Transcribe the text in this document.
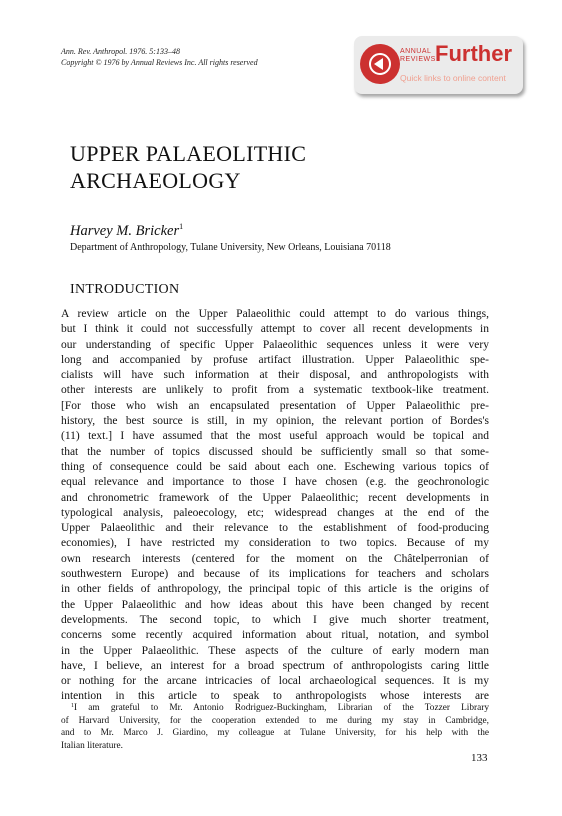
Ann. Rev. Anthropol. 1976. 5:133–48
Copyright © 1976 by Annual Reviews Inc. All rights reserved
ANNUAL
REVIEWS Further
Quick links to online content
UPPER PALAEOLITHIC
ARCHAEOLOGY
Harvey M. Bricker$^1$
Department of Anthropology, Tulane University, New Orleans, Louisiana 70118
INTRODUCTION
A review article on the Upper Palaeolithic could attempt to do various things,
but I think it could not successfully attempt to cover all recent developments in
our understanding of specific Upper Palaeolithic sequences unless it were very
long and accompanied by profuse artifact illustration. Upper Palaeolithic spe-
cialists will have such information at their disposal, and anthropologists with
other interests are unlikely to profit from a systematic textbook-like treatment.
[For those who wish an encapsulated presentation of Upper Palaeolithic pre-
history, the best source is still, in my opinion, the relevant portion of Bordes's
(11) text.] I have assumed that the most useful approach would be topical and
that the number of topics discussed should be sufficiently small so that some-
thing of consequence could be said about each one. Eschewing various topics of
equal relevance and importance to those I have chosen (e.g. the geochronologic
and chronometric framework of the Upper Palaeolithic; recent developments in
typological analysis, paleoecology, etc; widespread changes at the end of the
Upper Palaeolithic and their relevance to the establishment of food-producing
economies), I have restricted my consideration to two topics. Because of my
own research interests (centered for the moment on the Châtelperronian of
southwestern Europe) and because of its implications for teachers and scholars
in other fields of anthropology, the principal topic of this article is the origins of
the Upper Palaeolithic and how ideas about this have been changed by recent
developments. The second topic, to which I give much shorter treatment,
concerns some recently acquired information about ritual, notation, and symbol
in the Upper Palaeolithic. These aspects of the culture of early modern man
have, I believe, an interest for a broad spectrum of anthropologists caring little
or nothing for the arcane intricacies of local archaeological sequences. It is my
intention in this article to speak to anthropologists whose interests are
$^1$I am grateful to Mr. Antonio Rodriguez-Buckingham, Librarian of the Tozzer Library
of Harvard University, for the cooperation extended to me during my stay in Cambridge,
and to Mr. Marco J. Giardino, my colleague at Tulane University, for his help with the
Italian literature.
133
